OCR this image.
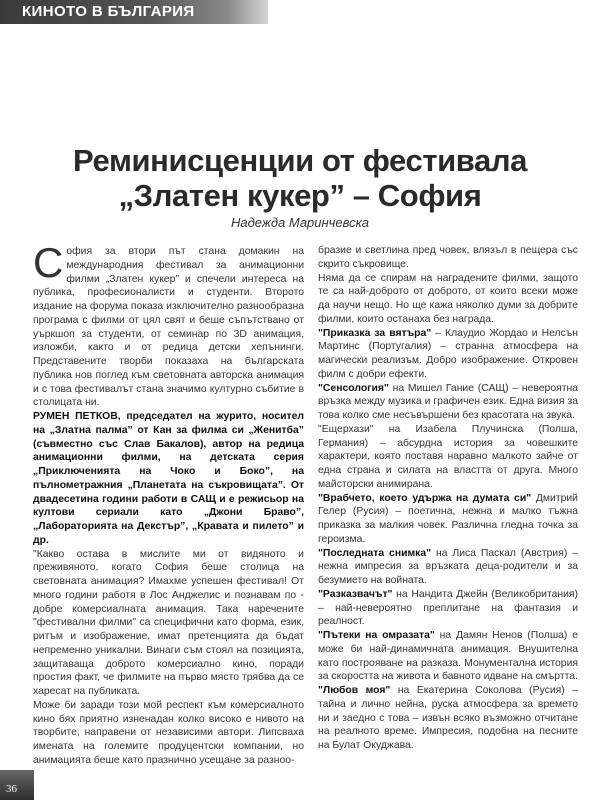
КИНОТО В БЪЛГАРИЯ
Реминисценции от фестивала
„Златен кукер” – София
Надежда Маринчевска

София за втори път стана домакин на международния фестивал за анимационни филми „Златен кукер” и спечели интереса на публика, професионалисти и студенти. Второто издание на форума показа изключително разнообразна програма с филми от цял свят и беше съпътствано от уъркшоп за студенти, от семинар по 3D анимация, изложби, както и от редица детски хепънинги. Представените творби показаха на българската публика нов поглед към световната авторска анимация и с това фестивалът стана значимо културно събитие в столицата ни.

РУМЕН ПЕТКОВ, председател на журито, носител на „Златна палма” от Кан за филма си „Женитба” (съвместно със Слав Бакалов), автор на редица анимационни филми, на детската серия „Приключенията на Чоко и Боко”, на пълнометражния „Планетата на съкровищата”. От двадесетина години работи в САЩ и е режисьор на култови сериали като „Джони Браво”, „Лабораторията на Декстър”, „Кравата и пилето” и др.

"Какво остава в мислите ми от видяното и преживяното, когато София беше столица на световната анимация? Имахме успешен фестивал! От много години работя в Лос Анджелис и познавам по - добре комерсиалната анимация. Така наречените "фестивални филми" са специфични като форма, език, ритъм и изображение, имат претенцията да бъдат непременно уникални. Винаги съм стоял на позицията, защитаваща доброто комерсиално кино, поради простия факт, че филмите на първо място трябва да се харесат на публиката.

Може би заради този мой респект към комерсиалното кино бях приятно изненадан колко високо е нивото на творбите, направени от независими автори. Липсваха имената на големите продуцентски компании, но анимацията беше като празнично усещане за разноо-

бразие и светлина пред човек, влязъл в пещера със скрито съкровище.

Няма да се спирам на наградените филми, защото те са най-доброто от доброто, от които всеки може да научи нещо. Но ще кажа няколко думи за добрите филми, които останаха без награда.

"Приказка за вятъра" – Клаудио Жордао и Нелсън Мартинс (Португалия) – странна атмосфера на магически реализъм. Добро изображение. Откровен филм с добри ефекти.

"Сенсология" на Мишел Гание (САЩ) – невероятна връзка между музика и графичен език. Една визия за това колко сме несъвършени без красотата на звука.

"Ещерхази" на Изабела Плучинска (Полша, Германия) – абсурдна история за човешките характери, която поставя наравно малкото зайче от една страна и силата на властта от друга. Много майсторски анимирана.

"Врабчето, което удържа на думата си" Дмитрий Гелер (Русия) – поетична, нежна и малко тъжна приказка за малкия човек. Различна гледна точка за героизма.

"Последната снимка" на Лиса Паскал (Австрия) – нежна импресия за връзката деца-родители и за безумието на войната.

"Разказвачът" на Нандита Джейн (Великобритания) – най-невероятно преплитане на фантазия и реалност.

"Пътеки на омразата" на Дамян Ненов (Полша) е може би най-динамичната анимация. Внушителна като построяване на разказа. Монументална история за скоростта на живота и бавното идване на смъртта.

"Любов моя" на Екатерина Соколова (Русия) – тайна и лично нейна, руска атмосфера за времето ни и заедно с това – извън всяко възможно отчитане на реалното време. Импресия, подобна на песните на Булат Окуджава.

36
